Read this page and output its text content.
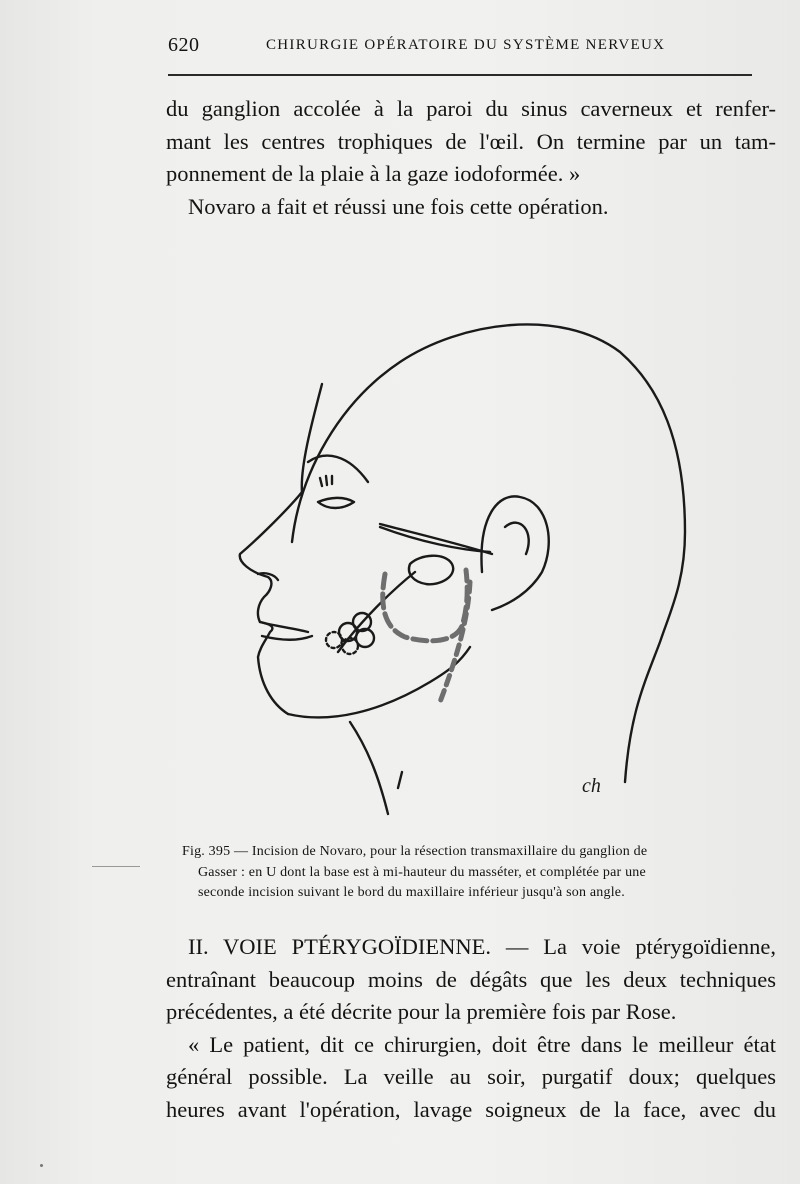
620	CHIRURGIE OPÉRATOIRE DU SYSTÈME NERVEUX
du ganglion accolée à la paroi du sinus caverneux et renfer-
mant les centres trophiques de l'œil. On termine par un tam-
ponnement de la plaie à la gaze iodoformée. »
Novaro a fait et réussi une fois cette opération.
ch
Fig. 395 — Incision de Novaro, pour la résection transmaxillaire du ganglion de
Gasser : en U dont la base est à mi-hauteur du masséter, et complétée par une
seconde incision suivant le bord du maxillaire inférieur jusqu'à son angle.
II. VOIE PTÉRYGOÏDIENNE. — La voie ptérygoïdienne,
entraînant beaucoup moins de dégâts que les deux techniques
précédentes, a été décrite pour la première fois par Rose.
« Le patient, dit ce chirurgien, doit être dans le meilleur état
général possible. La veille au soir, purgatif doux; quelques
heures avant l'opération, lavage soigneux de la face, avec du
